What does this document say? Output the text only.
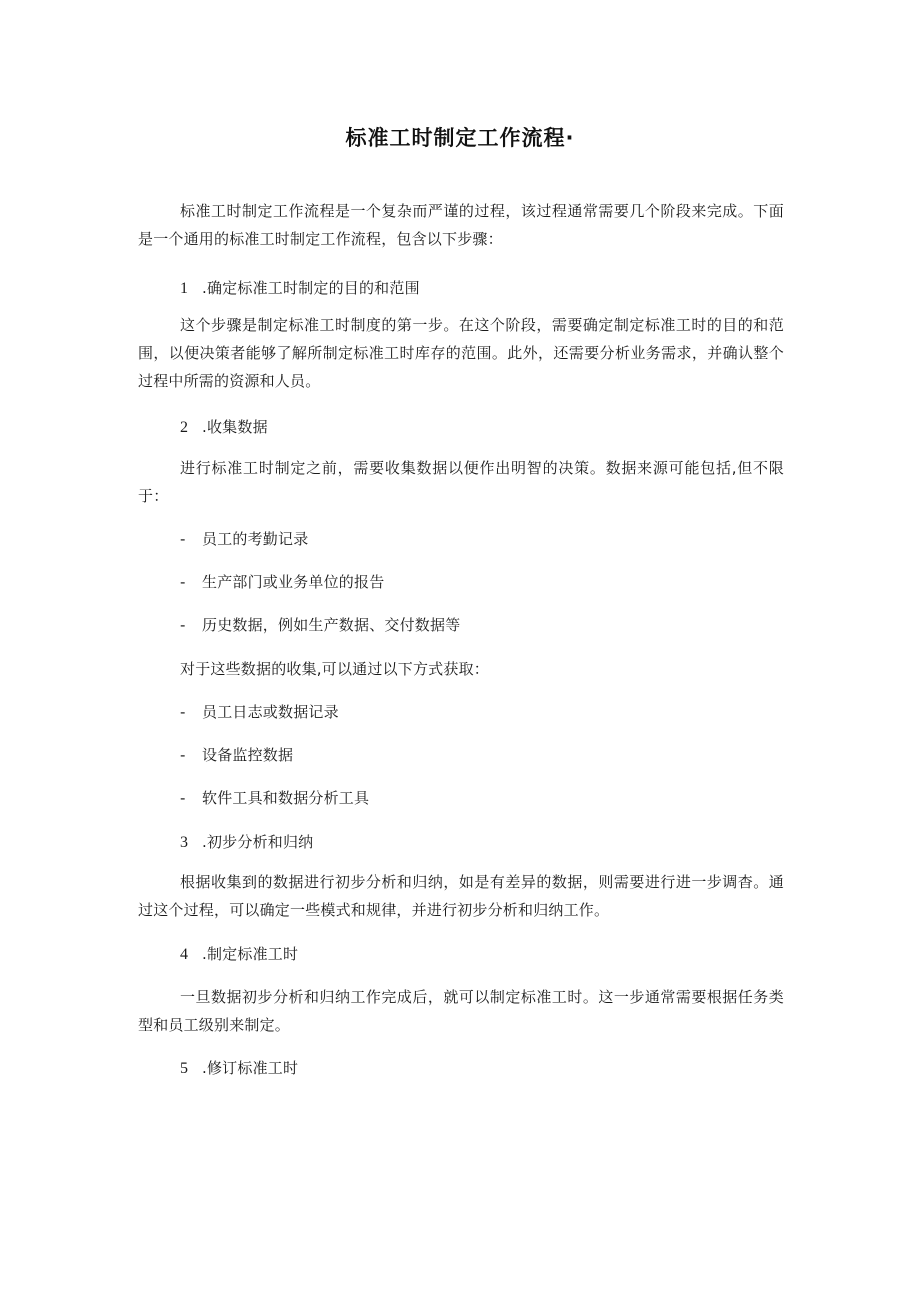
标准工时制定工作流程·
标准工时制定工作流程是一个复杂而严谨的过程，该过程通常需要几个阶段来完成。下面是一个通用的标准工时制定工作流程，包含以下步骤：
1 .确定标准工时制定的目的和范围
这个步骤是制定标准工时制度的第一步。在这个阶段，需要确定制定标准工时的目的和范围，以便决策者能够了解所制定标准工时库存的范围。此外，还需要分析业务需求，并确认整个过程中所需的资源和人员。
2 .收集数据
进行标准工时制定之前，需要收集数据以便作出明智的决策。数据来源可能包括,但不限于：
- 员工的考勤记录
- 生产部门或业务单位的报告
- 历史数据，例如生产数据、交付数据等
对于这些数据的收集,可以通过以下方式获取：
- 员工日志或数据记录
- 设备监控数据
- 软件工具和数据分析工具
3 .初步分析和归纳
根据收集到的数据进行初步分析和归纳，如是有差异的数据，则需要进行进一步调杳。通过这个过程，可以确定一些模式和规律，并进行初步分析和归纳工作。
4 .制定标准工时
一旦数据初步分析和归纳工作完成后，就可以制定标准工时。这一步通常需要根据任务类型和员工级别来制定。
5 .修订标准工时
